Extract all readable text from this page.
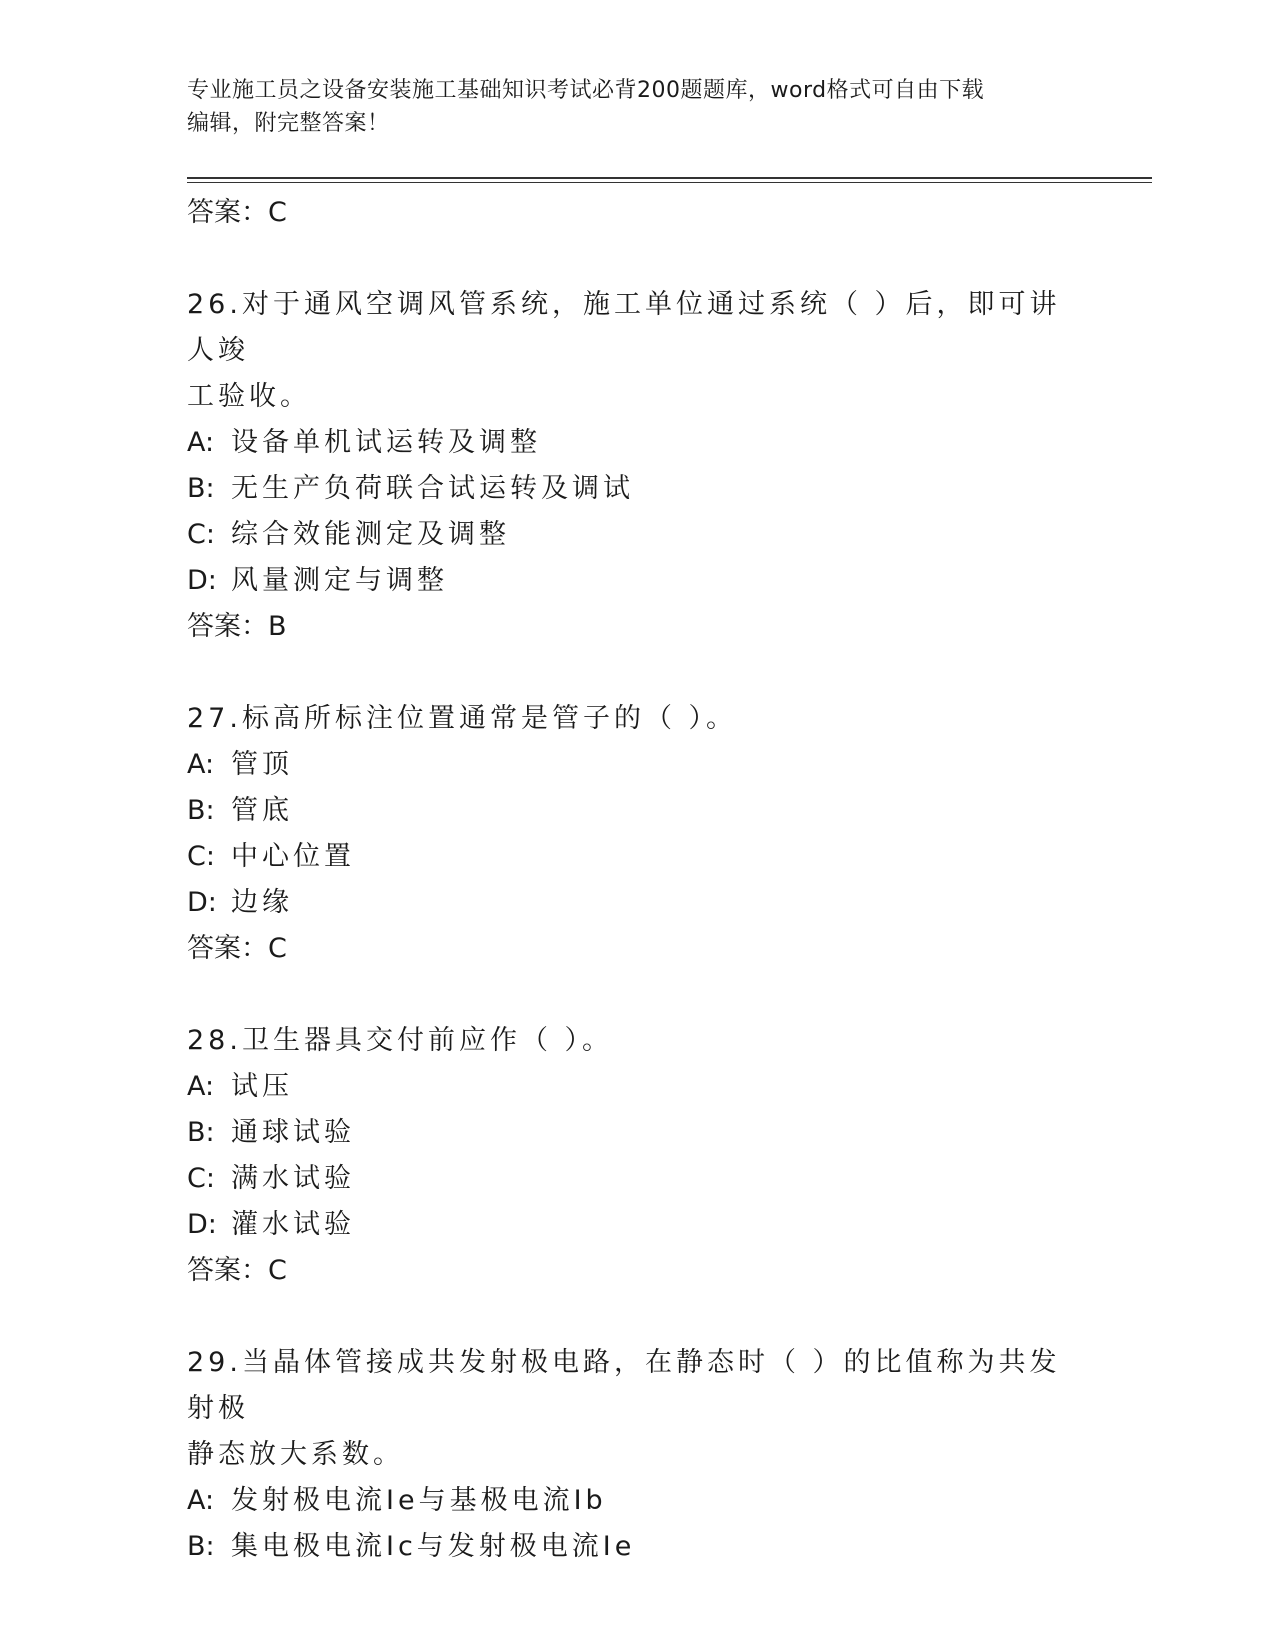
专业施工员之设备安装施工基础知识考试必背200题题库，word格式可自由下载
编辑，附完整答案！
答案：C
26.对于通风空调风管系统，施工单位通过系统（ ）后，即可讲人竣
工验收。
A: 设备单机试运转及调整
B: 无生产负荷联合试运转及调试
C: 综合效能测定及调整
D: 风量测定与调整
答案：B
27.标高所标注位置通常是管子的（ ）。
A: 管顶
B: 管底
C: 中心位置
D: 边缘
答案：C
28.卫生器具交付前应作（ ）。
A: 试压
B: 通球试验
C: 满水试验
D: 灌水试验
答案：C
29.当晶体管接成共发射极电路，在静态时（ ）的比值称为共发射极
静态放大系数。
A: 发射极电流Ie与基极电流Ib
B: 集电极电流Ic与发射极电流Ie
